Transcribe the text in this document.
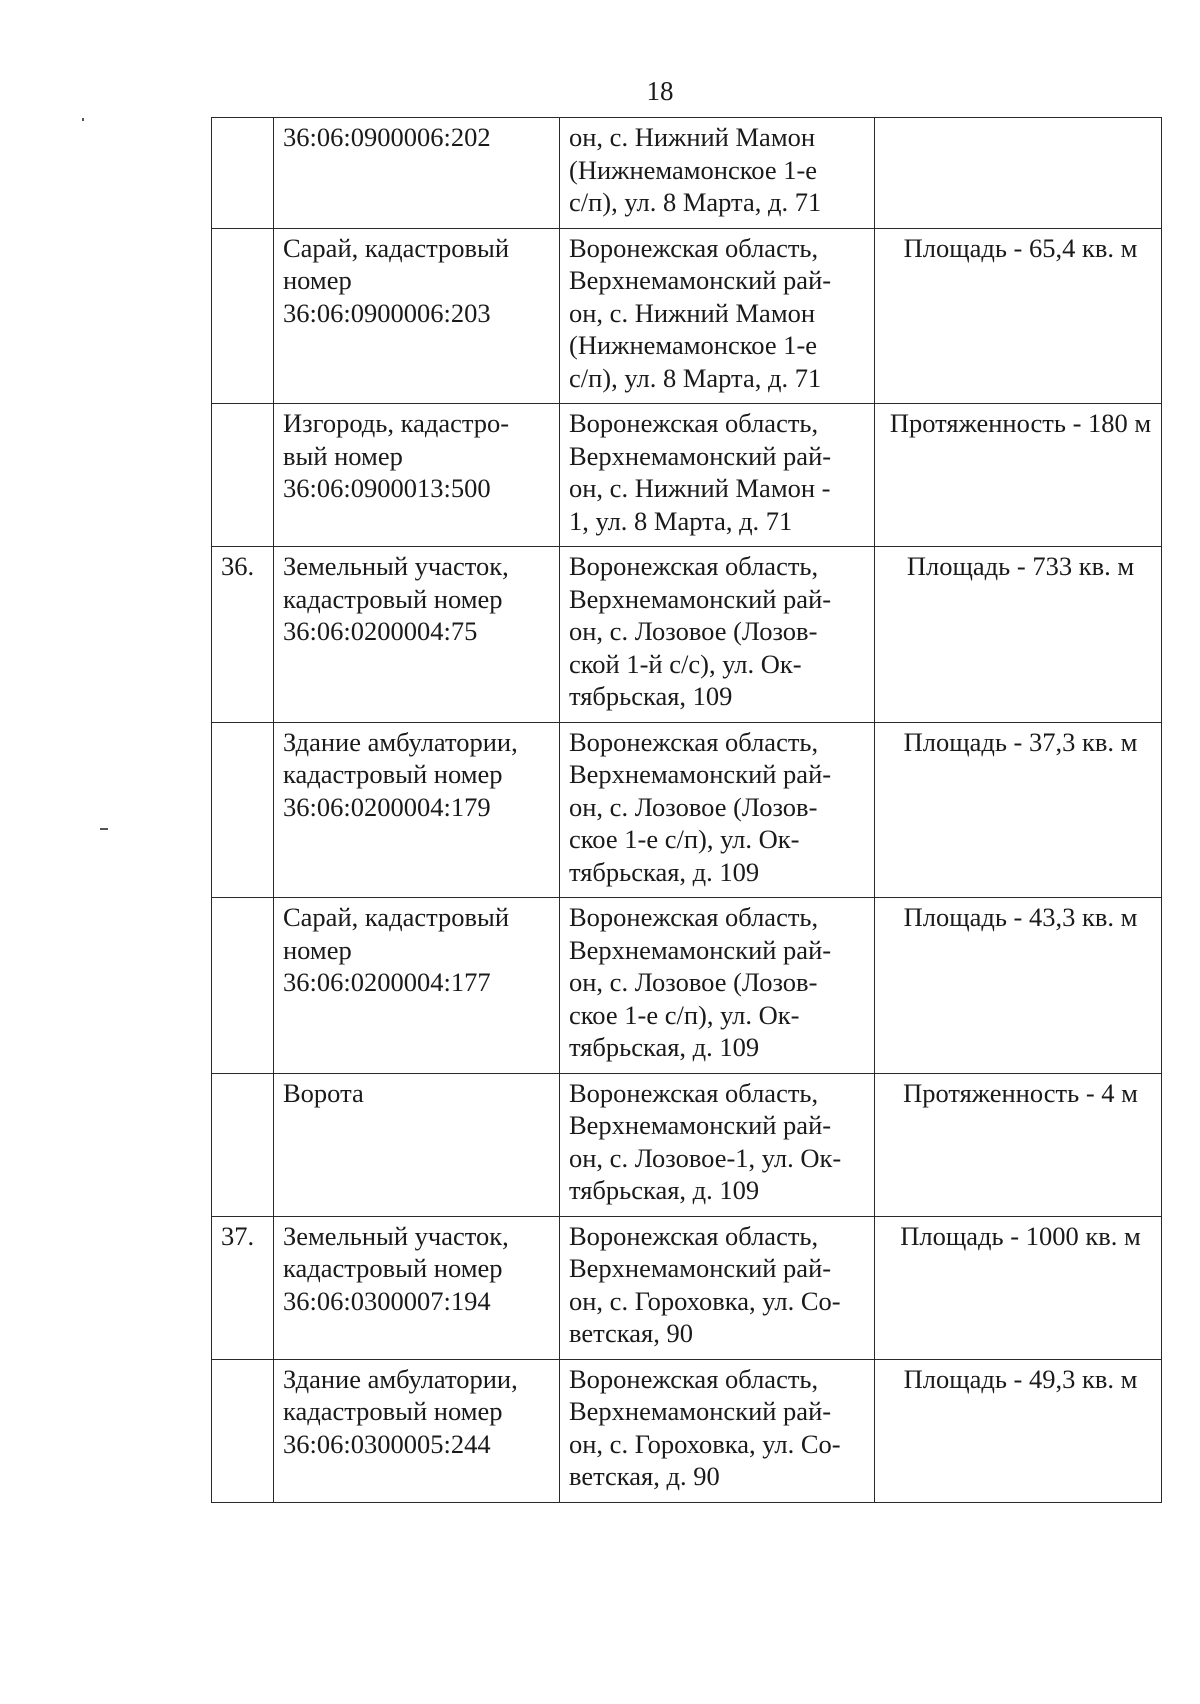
18

	36:06:0900006:202	он, с. Нижний Мамон
(Нижнемамонское 1-е
с/п), ул. 8 Марта, д. 71	

	Сарай, кадастровый
номер
36:06:0900006:203	Воронежская область,
Верхнемамонский рай-
он, с. Нижний Мамон
(Нижнемамонское 1-е
с/п), ул. 8 Марта, д. 71	Площадь - 65,4 кв. м

	Изгородь, кадастро-
вый номер
36:06:0900013:500	Воронежская область,
Верхнемамонский рай-
он, с. Нижний Мамон -
1, ул. 8 Марта, д. 71	Протяженность - 180 м
36.	Земельный участок,
кадастровый номер
36:06:0200004:75	Воронежская область,
Верхнемамонский рай-
он, с. Лозовое (Лозов-
ской 1-й с/с), ул. Ок-
тябрьская, 109	Площадь - 733 кв. м

	Здание амбулатории,
кадастровый номер
36:06:0200004:179	Воронежская область,
Верхнемамонский рай-
он, с. Лозовое (Лозов-
ское 1-е с/п), ул. Ок-
тябрьская, д. 109	Площадь - 37,3 кв. м

	Сарай, кадастровый
номер
36:06:0200004:177	Воронежская область,
Верхнемамонский рай-
он, с. Лозовое (Лозов-
ское 1-е с/п), ул. Ок-
тябрьская, д. 109	Площадь - 43,3 кв. м

	Ворота	Воронежская область,
Верхнемамонский рай-
он, с. Лозовое-1, ул. Ок-
тябрьская, д. 109	Протяженность - 4 м
37.	Земельный участок,
кадастровый номер
36:06:0300007:194	Воронежская область,
Верхнемамонский рай-
он, с. Гороховка, ул. Со-
ветская, 90	Площадь - 1000 кв. м

	Здание амбулатории,
кадастровый номер
36:06:0300005:244	Воронежская область,
Верхнемамонский рай-
он, с. Гороховка, ул. Со-
ветская, д. 90	Площадь - 49,3 кв. м
